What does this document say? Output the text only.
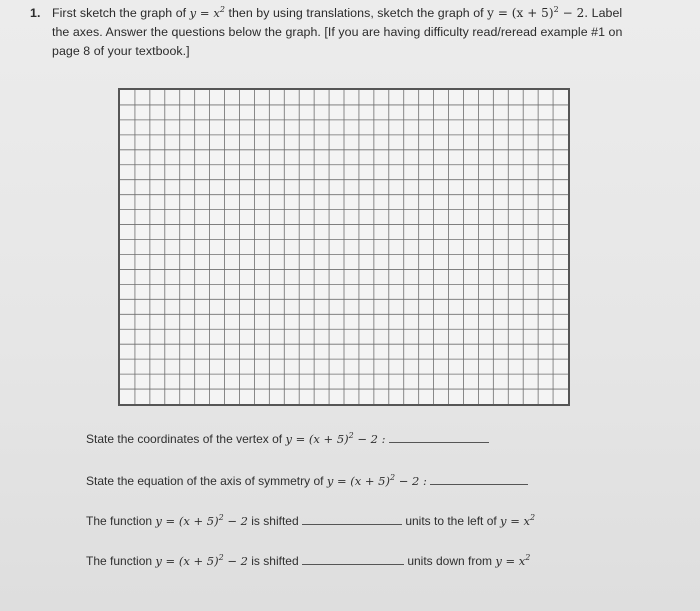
1. First sketch the graph of $y = x^2$ then by using translations, sketch the graph of $y = (x + 5)^2 - 2$. Label
the axes. Answer the questions below the graph. [If you are having difficulty read/reread example #1 on
page 8 of your textbook.]
State the coordinates of the vertex of $y = (x + 5)^2 - 2$ :
State the equation of the axis of symmetry of $y = (x + 5)^2 - 2$ :
The function $y = (x + 5)^2 - 2$ is shifted	units to the left of $y = x^2$
The function $y = (x + 5)^2 - 2$ is shifted	units down from $y = x^2$
